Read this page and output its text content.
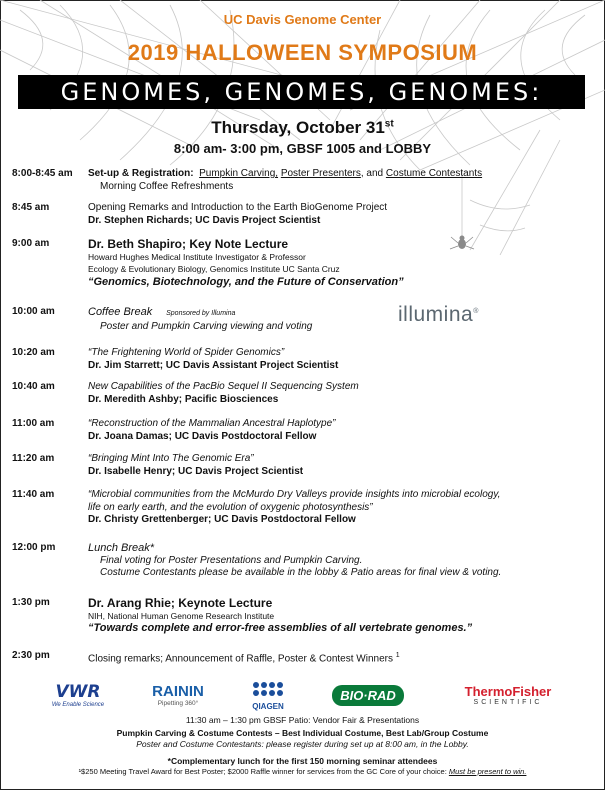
UC Davis Genome Center
2019 HALLOWEEN SYMPOSIUM
GENOMES, GENOMES, GENOMES:
Thursday, October 31st
8:00 am- 3:00 pm, GBSF 1005 and LOBBY
8:00-8:45 am	Set-up & Registration: Pumpkin Carving, Poster Presenters, and Costume Contestants
Morning Coffee Refreshments
8:45 am	Opening Remarks and Introduction to the Earth BioGenome Project
Dr. Stephen Richards; UC Davis Project Scientist
9:00 am	Dr. Beth Shapiro; Key Note Lecture
Howard Hughes Medical Institute Investigator & Professor
Ecology & Evolutionary Biology, Genomics Institute UC Santa Cruz
“Genomics, Biotechnology, and the Future of Conservation”
10:00 am	Coffee Break Sponsored by Illumina
Poster and Pumpkin Carving viewing and voting	illumina®
10:20 am	“The Frightening World of Spider Genomics”
Dr. Jim Starrett; UC Davis Assistant Project Scientist
10:40 am	New Capabilities of the PacBio Sequel II Sequencing System
Dr. Meredith Ashby; Pacific Biosciences
11:00 am	“Reconstruction of the Mammalian Ancestral Haplotype”
Dr. Joana Damas; UC Davis Postdoctoral Fellow
11:20 am	“Bringing Mint Into The Genomic Era”
Dr. Isabelle Henry; UC Davis Project Scientist
11:40 am	“Microbial communities from the McMurdo Dry Valleys provide insights into microbial ecology,
life on early earth, and the evolution of oxygenic photosynthesis”
Dr. Christy Grettenberger; UC Davis Postdoctoral Fellow
12:00 pm	Lunch Break*
Final voting for Poster Presentations and Pumpkin Carving.
Costume Contestants please be available in the lobby & Patio areas for final view & voting.
1:30 pm	Dr. Arang Rhie; Keynote Lecture
NIH, National Human Genome Research Institute
“Towards complete and error-free assemblies of all vertebrate genomes.”
2:30 pm	Closing remarks; Announcement of Raffle, Poster & Contest Winners $^1$
VWR
We Enable Science
RAININ
Pipetting 360°	QIAGEN
BIO·RAD	ThermoFisher
SCIENTIFIC
11:30 am – 1:30 pm GBSF Patio: Vendor Fair & Presentations
Pumpkin Carving & Costume Contests – Best Individual Costume, Best Lab/Group Costume
Poster and Costume Contestants: please register during set up at 8:00 am, in the Lobby.
*Complementary lunch for the first 150 morning seminar attendees
¹$250 Meeting Travel Award for Best Poster; $2000 Raffle winner for services from the GC Core of your choice: Must be present to win.
